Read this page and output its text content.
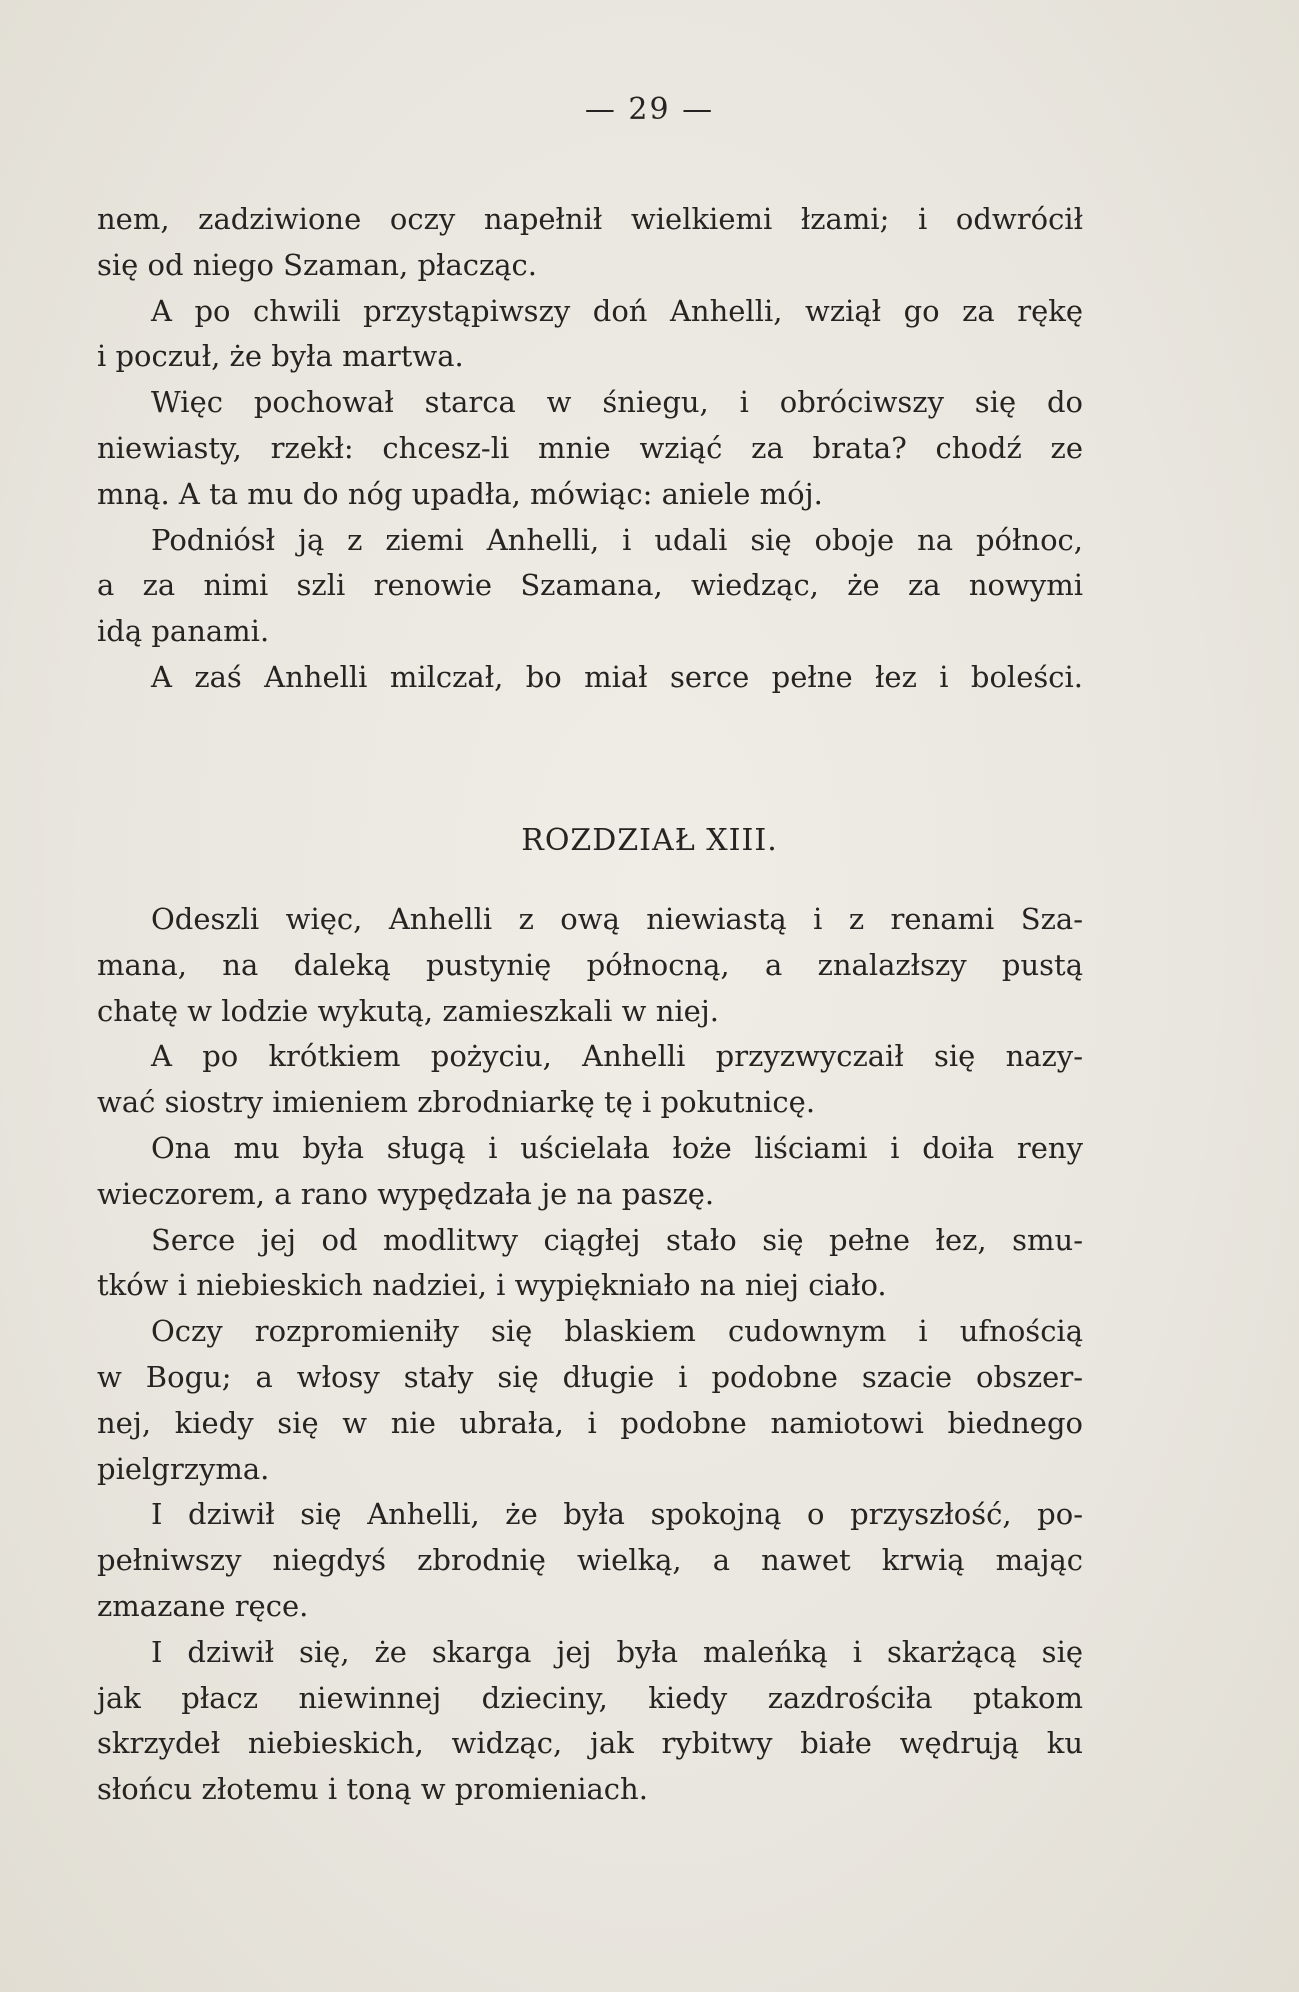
— 29 —
nem, zadziwione oczy napełnił wielkiemi łzami; i odwrócił
się od niego Szaman, płacząc.
A po chwili przystąpiwszy doń Anhelli, wziął go za rękę
i poczuł, że była martwa.
Więc pochował starca w śniegu, i obróciwszy się do
niewiasty, rzekł: chcesz-li mnie wziąć za brata? chodź ze
mną. A ta mu do nóg upadła, mówiąc: aniele mój.
Podniósł ją z ziemi Anhelli, i udali się oboje na północ,
a za nimi szli renowie Szamana, wiedząc, że za nowymi
idą panami.
A zaś Anhelli milczał, bo miał serce pełne łez i boleści.
ROZDZIAŁ XIII.
Odeszli więc, Anhelli z ową niewiastą i z renami Sza-
mana, na daleką pustynię północną, a znalazłszy pustą
chatę w lodzie wykutą, zamieszkali w niej.
A po krótkiem pożyciu, Anhelli przyzwyczaił się nazy-
wać siostry imieniem zbrodniarkę tę i pokutnicę.
Ona mu była sługą i uścielała łoże liściami i doiła reny
wieczorem, a rano wypędzała je na paszę.
Serce jej od modlitwy ciągłej stało się pełne łez, smu-
tków i niebieskich nadziei, i wypiękniało na niej ciało.
Oczy rozpromieniły się blaskiem cudownym i ufnością
w Bogu; a włosy stały się długie i podobne szacie obszer-
nej, kiedy się w nie ubrała, i podobne namiotowi biednego
pielgrzyma.
I dziwił się Anhelli, że była spokojną o przyszłość, po-
pełniwszy niegdyś zbrodnię wielką, a nawet krwią mając
zmazane ręce.
I dziwił się, że skarga jej była maleńką i skarżącą się
jak płacz niewinnej dzieciny, kiedy zazdrościła ptakom
skrzydeł niebieskich, widząc, jak rybitwy białe wędrują ku
słońcu złotemu i toną w promieniach.
